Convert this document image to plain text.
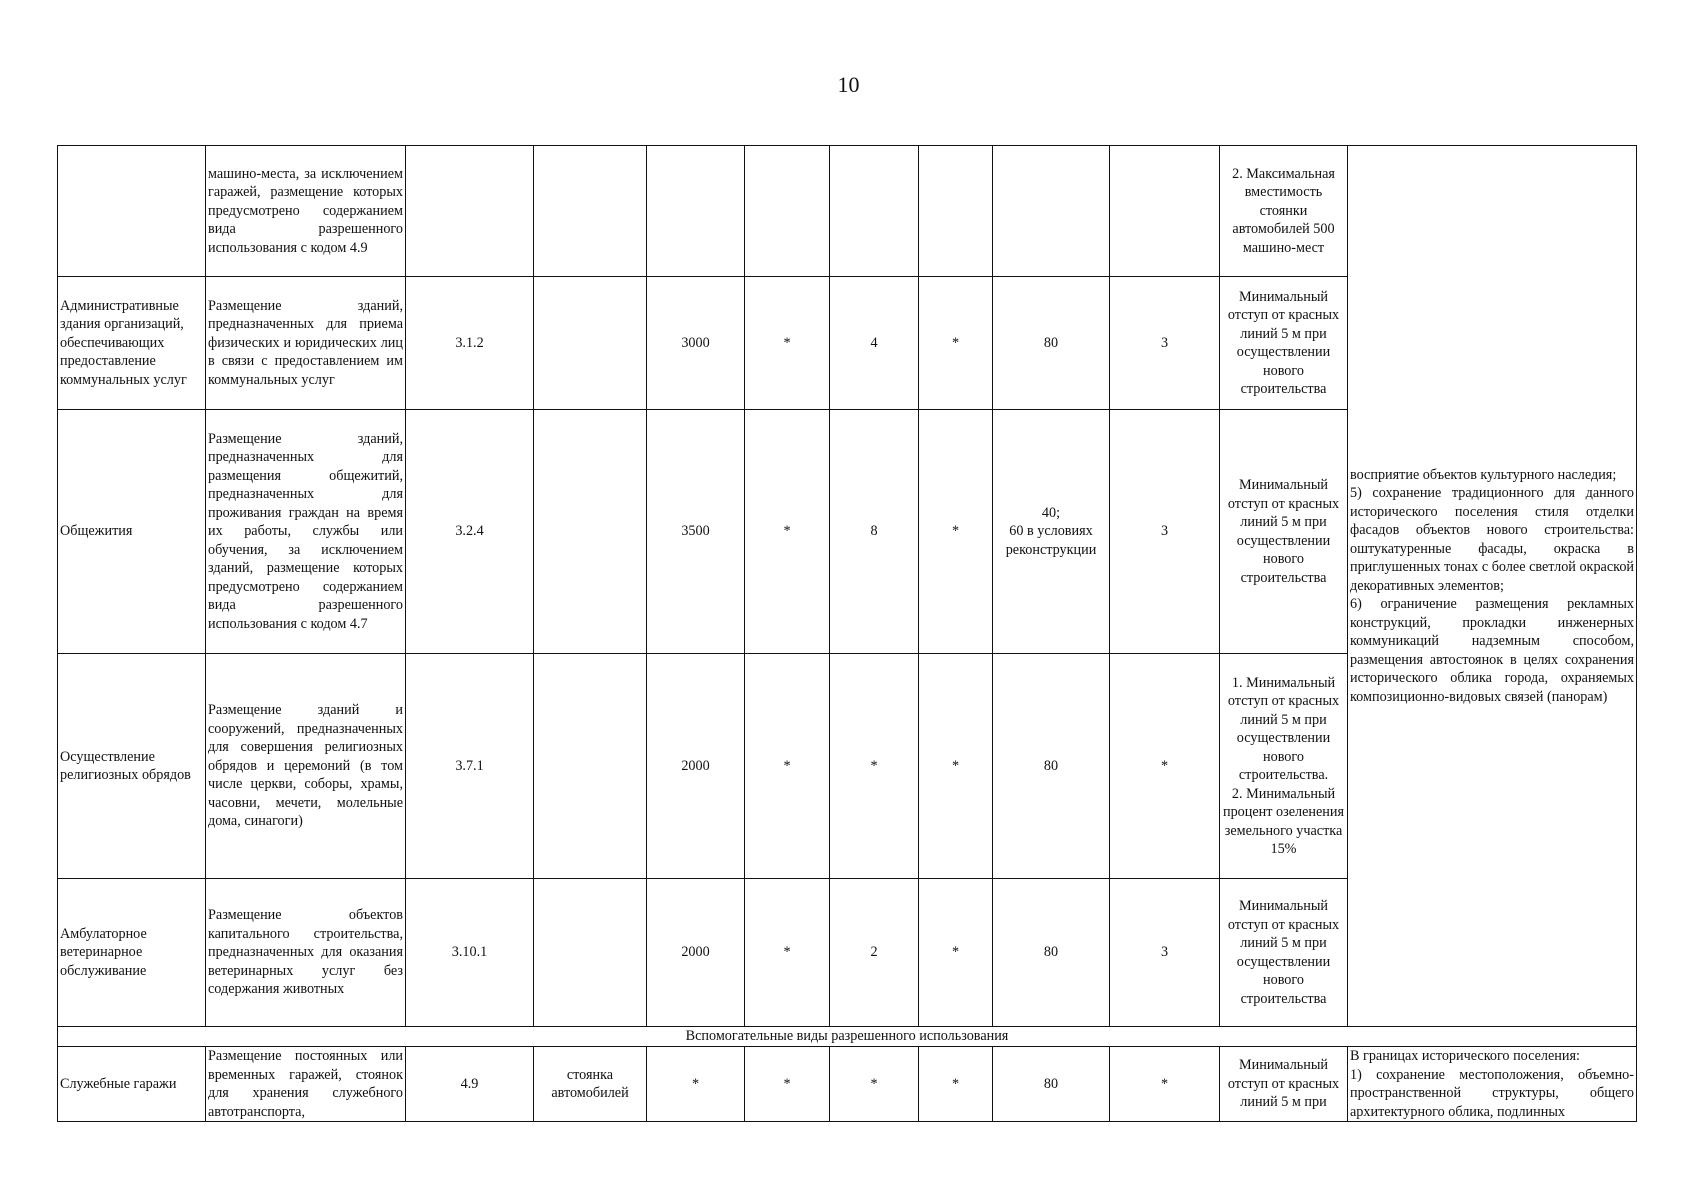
10
	машино-места, за исключением гаражей, размещение которых предусмотрено содержанием вида разрешенного использования с кодом 4.9									2. Максимальная вместимость стоянки автомобилей 500 машино-мест	восприятие объектов культурного наследия;
5) сохранение традиционного для данного исторического поселения стиля отделки фасадов объектов нового строительства: оштукатуренные фасады, окраска в приглушенных тонах с более светлой окраской декоративных элементов;
6) ограничение размещения рекламных конструкций, прокладки инженерных коммуникаций надземным способом, размещения автостоянок в целях сохранения исторического облика города, охраняемых композиционно-видовых связей (панорам)

Административные здания организаций, обеспечивающих предоставление коммунальных услуг	Размещение зданий, предназначенных для приема физических и юридических лиц в связи с предоставлением им коммунальных услуг	3.1.2		3000	*	4	*	80	3	Минимальный отступ от красных линий 5 м при осуществлении нового строительства	
Общежития	Размещение зданий, предназначенных для размещения общежитий, предназначенных для проживания граждан на время их работы, службы или обучения, за исключением зданий, размещение которых предусмотрено содержанием вида разрешенного использования с кодом 4.7	3.2.4		3500	*	8	*	40;
60 в условиях реконструкции	3	Минимальный отступ от красных линий 5 м при осуществлении нового строительства	
Осуществление религиозных обрядов	Размещение зданий и сооружений, предназначенных для совершения религиозных обрядов и церемоний (в том числе церкви, соборы, храмы, часовни, мечети, молельные дома, синагоги)	3.7.1		2000	*	*	*	80	*	1. Минимальный отступ от красных линий 5 м при осуществлении нового строительства.
2. Минимальный процент озеленения земельного участка 15%	
Амбулаторное ветеринарное обслуживание	Размещение объектов капитального строительства, предназначенных для оказания ветеринарных услуг без содержания животных	3.10.1		2000	*	2	*	80	3	Минимальный отступ от красных линий 5 м при осуществлении нового строительства	
Вспомогательные виды разрешенного использования											
Служебные гаражи	Размещение постоянных или временных гаражей, стоянок для хранения служебного автотранспорта,	4.9	стоянка автомобилей	*	*	*	*	80	*	Минимальный отступ от красных линий 5 м при	В границах исторического поселения:
1) сохранение местоположения, объемно-пространственной структуры, общего архитектурного облика, подлинных
